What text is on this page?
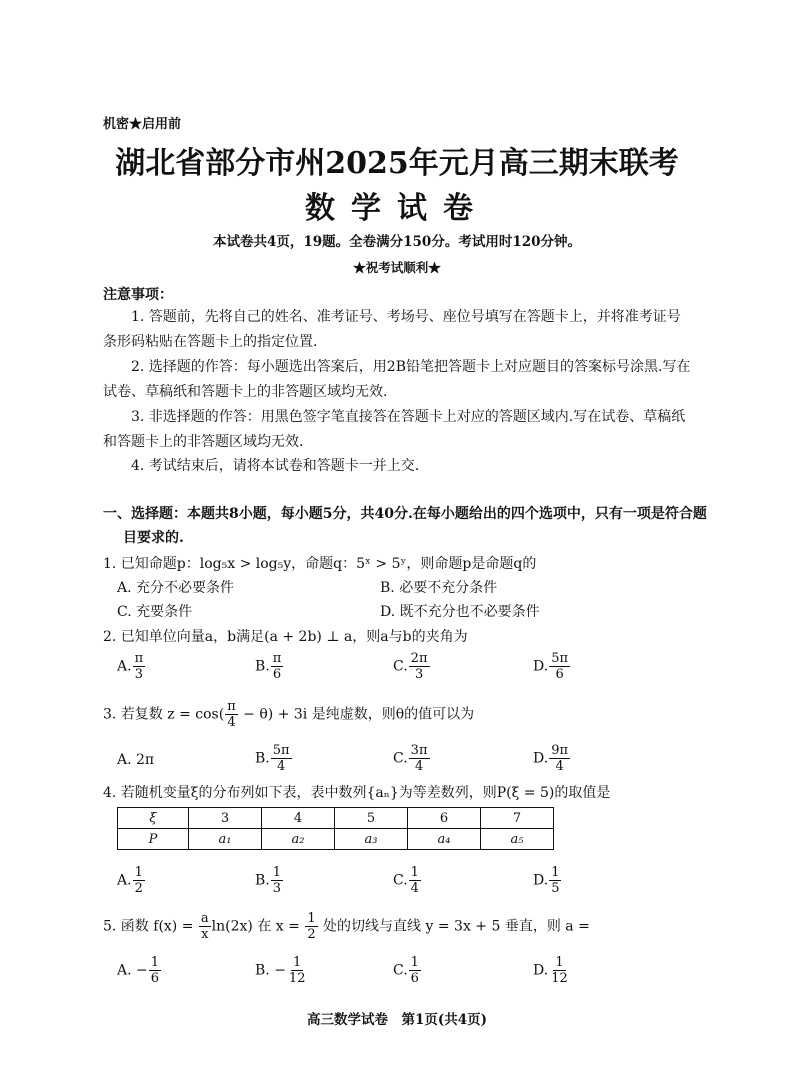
机密★启用前
湖北省部分市州2025年元月高三期末联考
数学试卷
本试卷共4页，19题。全卷满分150分。考试用时120分钟。
★祝考试顺利★
注意事项：
1. 答题前，先将自己的姓名、准考证号、考场号、座位号填写在答题卡上，并将准考证号条形码粘贴在答题卡上的指定位置.
2. 选择题的作答：每小题选出答案后，用2B铅笔把答题卡上对应题目的答案标号涂黑.写在试卷、草稿纸和答题卡上的非答题区域均无效.
3. 非选择题的作答：用黑色签字笔直接答在答题卡上对应的答题区域内.写在试卷、草稿纸和答题卡上的非答题区域均无效.
4. 考试结束后，请将本试卷和答题卡一并上交.
一、选择题：本题共8小题，每小题5分，共40分.在每小题给出的四个选项中，只有一项是符合题目要求的.
1. 已知命题p：log₅x > log₅y，命题q：5ˣ > 5ʸ，则命题p是命题q的
A. 充分不必要条件	B. 必要不充分条件
C. 充要条件	D. 既不充分也不必要条件
2. 已知单位向量a，b满足(a + 2b) ⊥ a，则a与b的夹角为
A. $\frac{\pi}{3}$	B. $\frac{\pi}{6}$	C. $\frac{2\pi}{3}$	D. $\frac{5\pi}{6}$
3. 若复数 $z = \cos( \frac{\pi}{4} - \theta) + 3i$ 是纯虚数，则θ的值可以为
A. 2π	B. $\frac{5\pi}{4}$	C. $\frac{3\pi}{4}$	D. $\frac{9\pi}{4}$
4. 若随机变量ξ的分布列如下表，表中数列{aₙ}为等差数列，则P(ξ = 5)的取值是
ξ	3	4	5	6	7
P	a₁	a₂	a₃	a₄	a₅
A. $\frac{1}{2}$	B. $\frac{1}{3}$	C. $\frac{1}{4}$	D. $\frac{1}{5}$
5. 函数 $f(x) = \frac{a}{x} \ln(2x)$ 在 $x = \frac{1}{2}$ 处的切线与直线 y = 3x + 5 垂直，则 a =
A. − $\frac{1}{6}$	B. − $\frac{1}{12}$	C. $\frac{1}{6}$	D. $\frac{1}{12}$
高三数学试卷　第1页(共4页)
